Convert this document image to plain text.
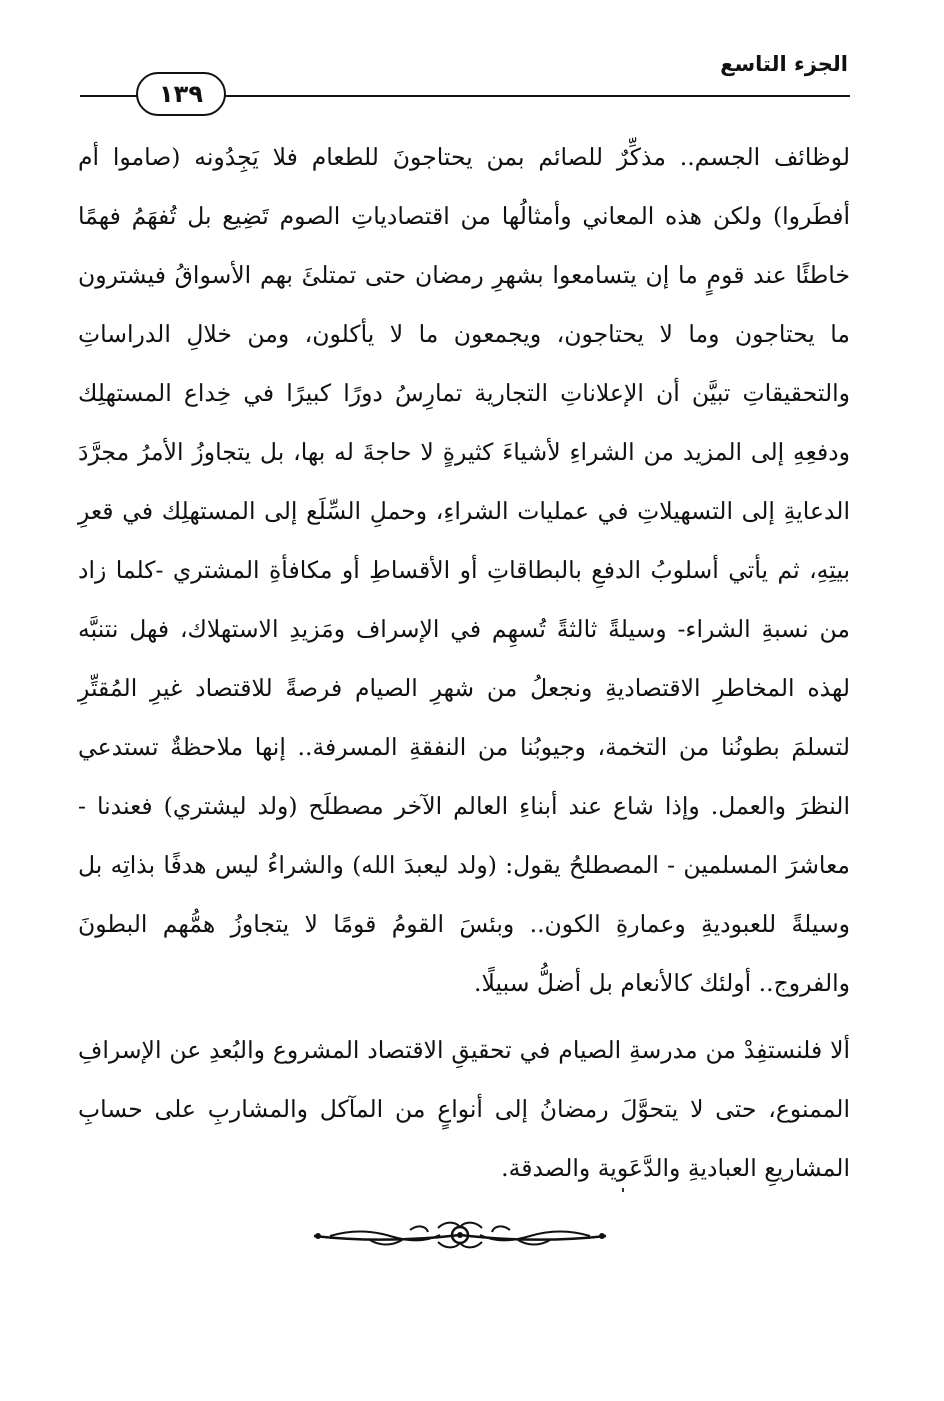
الجزء التاسع
١٣٩

لوظائف الجسم.. مذكِّرٌ للصائم بمن يحتاجونَ للطعام فلا يَجِدُونه (صاموا أم أفطَروا) ولكن هذه المعاني وأمثالُها من اقتصادياتِ الصوم تَضِيع بل تُفهَمُ فهمًا خاطئًا عند قومٍ ما إن يتسامعوا بشهرِ رمضان حتى تمتلئَ بهم الأسواقُ فيشترون ما يحتاجون وما لا يحتاجون، ويجمعون ما لا يأكلون، ومن خلالِ الدراساتِ والتحقيقاتِ تبيَّن أن الإعلاناتِ التجارية تمارِسُ دورًا كبيرًا في خِداع المستهلِك ودفعِهِ إلى المزيد من الشراءِ لأشياءَ كثيرةٍ لا حاجةَ له بها، بل يتجاوزُ الأمرُ مجرَّدَ الدعايةِ إلى التسهيلاتِ في عمليات الشراءِ، وحملِ السِّلَع إلى المستهلِك في قعرِ بيتِهِ، ثم يأتي أسلوبُ الدفعِ بالبطاقاتِ أو الأقساطِ أو مكافأةِ المشتري -كلما زاد من نسبةِ الشراء- وسيلةً ثالثةً تُسهِم في الإسراف ومَزيدِ الاستهلاك، فهل نتنبَّه لهذه المخاطرِ الاقتصاديةِ ونجعلُ من شهرِ الصيام فرصةً للاقتصاد غيرِ المُقتِّرِ لتسلمَ بطونُنا من التخمة، وجيوبُنا من النفقةِ المسرفة.. إنها ملاحظةٌ تستدعي النظرَ والعمل. وإذا شاع عند أبناءِ العالم الآخر مصطلَح (ولد ليشتري) فعندنا - معاشرَ المسلمين - المصطلحُ يقول: (ولد ليعبدَ الله) والشراءُ ليس هدفًا بذاتِه بل وسيلةً للعبوديةِ وعمارةِ الكون.. وبئسَ القومُ قومًا لا يتجاوزُ همُّهم البطونَ والفروج.. أولئك كالأنعام بل أضلُّ سبيلًا.

ألا فلنستفِدْ من مدرسةِ الصيام في تحقيقِ الاقتصاد المشروع والبُعدِ عن الإسرافِ الممنوع، حتى لا يتحوَّلَ رمضانُ إلى أنواعٍ من المآكل والمشاربِ على حسابِ المشاريعِ العباديةِ والدَّعَوية والصدقة.
